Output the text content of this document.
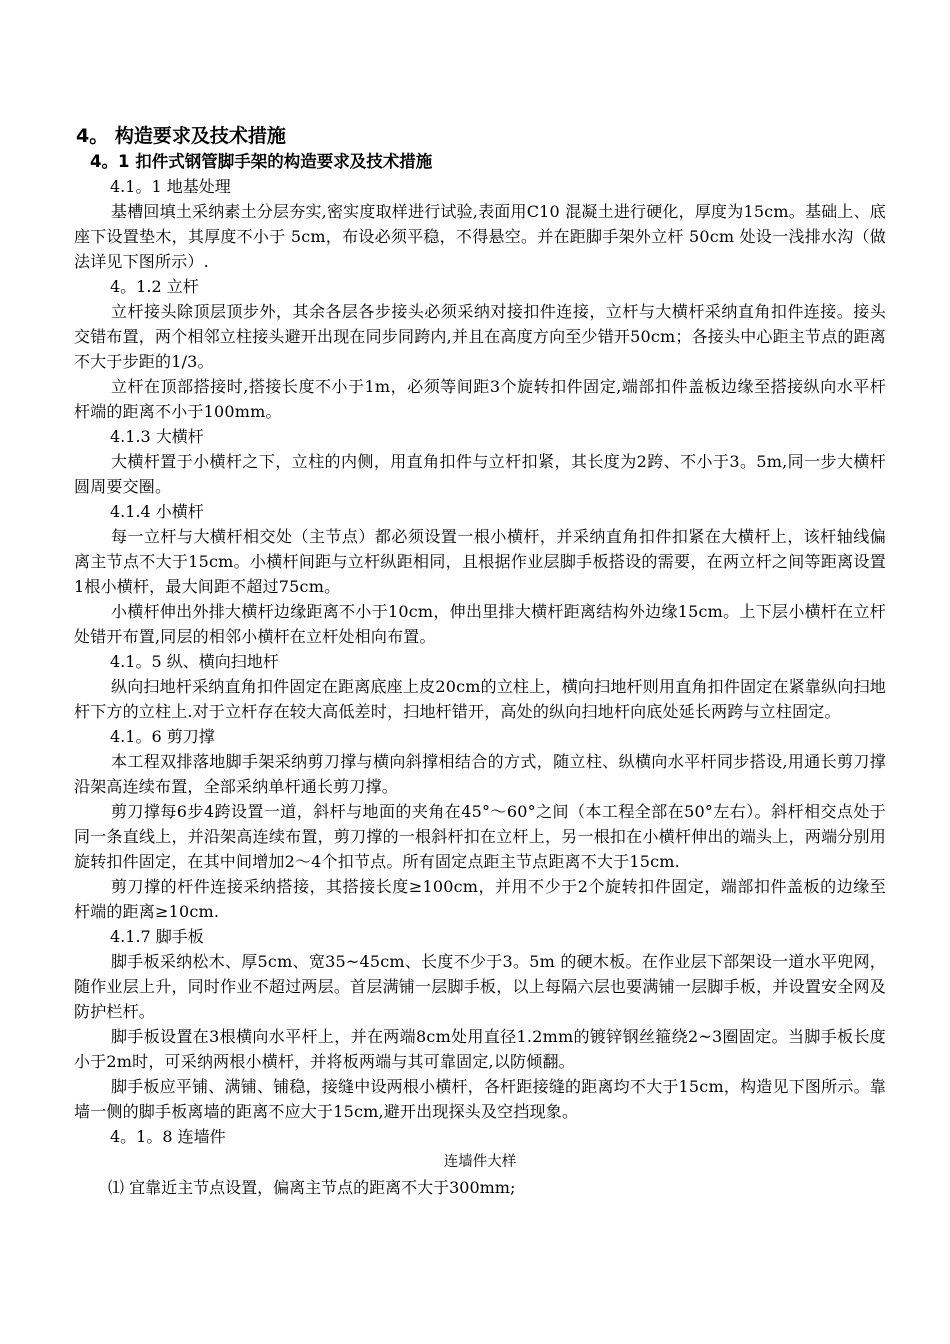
4。 构造要求及技术措施
4。1 扣件式钢管脚手架的构造要求及技术措施
4.1。1 地基处理
基槽回填土采纳素土分层夯实,密实度取样进行试验,表面用C10 混凝土进行硬化，厚度为15cm。基础上、底座下设置垫木，其厚度不小于 5cm，布设必须平稳，不得悬空。并在距脚手架外立杆 50cm 处设一浅排水沟（做法详见下图所示）.
4。1.2 立杆
立杆接头除顶层顶步外，其余各层各步接头必须采纳对接扣件连接，立杆与大横杆采纳直角扣件连接。接头交错布置，两个相邻立柱接头避开出现在同步同跨内,并且在高度方向至少错开50cm；各接头中心距主节点的距离不大于步距的1/3。
立杆在顶部搭接时,搭接长度不小于1m，必须等间距3个旋转扣件固定,端部扣件盖板边缘至搭接纵向水平杆杆端的距离不小于100mm。
4.1.3 大横杆
大横杆置于小横杆之下，立柱的内侧，用直角扣件与立杆扣紧，其长度为2跨、不小于3。5m,同一步大横杆圆周要交圈。
4.1.4 小横杆
每一立杆与大横杆相交处（主节点）都必须设置一根小横杆，并采纳直角扣件扣紧在大横杆上，该杆轴线偏离主节点不大于15cm。小横杆间距与立杆纵距相同，且根据作业层脚手板搭设的需要，在两立杆之间等距离设置1根小横杆，最大间距不超过75cm。
小横杆伸出外排大横杆边缘距离不小于10cm，伸出里排大横杆距离结构外边缘15cm。上下层小横杆在立杆处错开布置,同层的相邻小横杆在立杆处相向布置。
4.1。5 纵、横向扫地杆
纵向扫地杆采纳直角扣件固定在距离底座上皮20cm的立柱上，横向扫地杆则用直角扣件固定在紧靠纵向扫地杆下方的立柱上.对于立杆存在较大高低差时，扫地杆错开，高处的纵向扫地杆向底处延长两跨与立柱固定。
4.1。6 剪刀撑
本工程双排落地脚手架采纳剪刀撑与横向斜撑相结合的方式，随立柱、纵横向水平杆同步搭设,用通长剪刀撑沿架高连续布置，全部采纳单杆通长剪刀撑。
剪刀撑每6步4跨设置一道，斜杆与地面的夹角在45°～60°之间（本工程全部在50°左右）。斜杆相交点处于同一条直线上，并沿架高连续布置，剪刀撑的一根斜杆扣在立杆上，另一根扣在小横杆伸出的端头上，两端分别用旋转扣件固定，在其中间增加2～4个扣节点。所有固定点距主节点距离不大于15cm.
剪刀撑的杆件连接采纳搭接，其搭接长度≥100cm，并用不少于2个旋转扣件固定，端部扣件盖板的边缘至杆端的距离≥10cm.
4.1.7 脚手板
脚手板采纳松木、厚5cm、宽35~45cm、长度不少于3。5m 的硬木板。在作业层下部架设一道水平兜网，随作业层上升，同时作业不超过两层。首层满铺一层脚手板，以上每隔六层也要满铺一层脚手板，并设置安全网及防护栏杆。
脚手板设置在3根横向水平杆上，并在两端8cm处用直径1.2mm的镀锌钢丝箍绕2~3圈固定。当脚手板长度小于2m时，可采纳两根小横杆，并将板两端与其可靠固定,以防倾翻。
脚手板应平铺、满铺、铺稳，接缝中设两根小横杆，各杆距接缝的距离均不大于15cm，构造见下图所示。靠墙一侧的脚手板离墙的距离不应大于15cm,避开出现探头及空挡现象。
4。1。8 连墙件
连墙件大样
⑴ 宜靠近主节点设置，偏离主节点的距离不大于300mm;
